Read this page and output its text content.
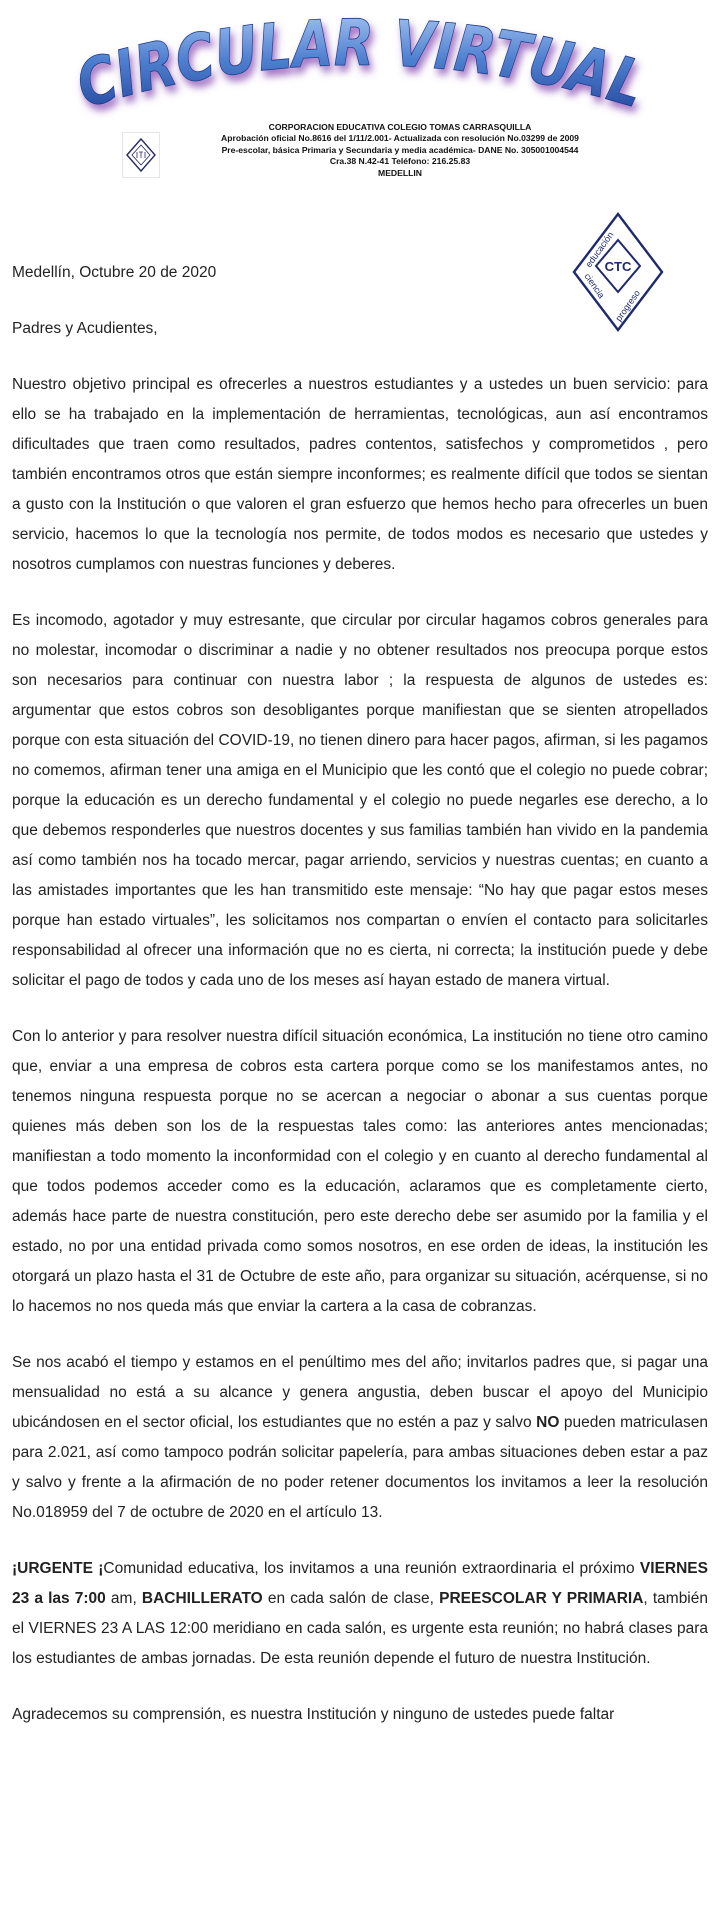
CIRCULAR VIRTUAL
CORPORACION EDUCATIVA COLEGIO TOMAS CARRASQUILLA
Aprobación oficial No.8616 del 1/11/2.001- Actualizada con resolución No.03299 de 2009
Pre-escolar, básica Primaria y Secundaria y media académica- DANE No. 305001004544
Cra.38 N.42-41 Teléfono: 216.25.83
MEDELLIN
CTC
educación
ciencia
progreso
Medellín, Octubre 20 de 2020
Padres y Acudientes,
Nuestro objetivo principal es ofrecerles a nuestros estudiantes y a ustedes un buen servicio: para ello se ha trabajado en la implementación de herramientas, tecnológicas, aun así encontramos dificultades que traen como resultados, padres contentos, satisfechos y comprometidos , pero también encontramos otros que están siempre inconformes; es realmente difícil que todos se sientan a gusto con la Institución o que valoren el gran esfuerzo que hemos hecho para ofrecerles un buen servicio, hacemos lo que la tecnología nos permite, de todos modos es necesario que ustedes y nosotros cumplamos con nuestras funciones y deberes.
Es incomodo, agotador y muy estresante, que circular por circular hagamos cobros generales para no molestar, incomodar o discriminar a nadie y no obtener resultados nos preocupa porque estos son necesarios para continuar con nuestra labor ; la respuesta de algunos de ustedes es: argumentar que estos cobros son desobligantes porque manifiestan que se sienten atropellados porque con esta situación del COVID-19, no tienen dinero para hacer pagos, afirman, si les pagamos no comemos, afirman tener una amiga en el Municipio que les contó que el colegio no puede cobrar; porque la educación es un derecho fundamental y el colegio no puede negarles ese derecho, a lo que debemos responderles que nuestros docentes y sus familias también han vivido en la pandemia así como también nos ha tocado mercar, pagar arriendo, servicios y nuestras cuentas; en cuanto a las amistades importantes que les han transmitido este mensaje: “No hay que pagar estos meses porque han estado virtuales”, les solicitamos nos compartan o envíen el contacto para solicitarles responsabilidad al ofrecer una información que no es cierta, ni correcta; la institución puede y debe solicitar el pago de todos y cada uno de los meses así hayan estado de manera virtual.
Con lo anterior y para resolver nuestra difícil situación económica, La institución no tiene otro camino que, enviar a una empresa de cobros esta cartera porque como se los manifestamos antes, no tenemos ninguna respuesta porque no se acercan a negociar o abonar a sus cuentas porque quienes más deben son los de la respuestas tales como: las anteriores antes mencionadas; manifiestan a todo momento la inconformidad con el colegio y en cuanto al derecho fundamental al que todos podemos acceder como es la educación, aclaramos que es completamente cierto, además hace parte de nuestra constitución, pero este derecho debe ser asumido por la familia y el estado, no por una entidad privada como somos nosotros, en ese orden de ideas, la institución les otorgará un plazo hasta el 31 de Octubre de este año, para organizar su situación, acérquense, si no lo hacemos no nos queda más que enviar la cartera a la casa de cobranzas.
Se nos acabó el tiempo y estamos en el penúltimo mes del año; invitarlos padres que, si pagar una mensualidad no está a su alcance y genera angustia, deben buscar el apoyo del Municipio ubicándosen en el sector oficial, los estudiantes que no estén a paz y salvo NO pueden matriculasen para 2.021, así como tampoco podrán solicitar papelería, para ambas situaciones deben estar a paz y salvo y frente a la afirmación de no poder retener documentos los invitamos a leer la resolución No.018959 del 7 de octubre de 2020 en el artículo 13.
¡URGENTE ¡Comunidad educativa, los invitamos a una reunión extraordinaria el próximo VIERNES 23 a las 7:00 am, BACHILLERATO en cada salón de clase, PREESCOLAR Y PRIMARIA, también el VIERNES 23 A LAS 12:00 meridiano en cada salón, es urgente esta reunión; no habrá clases para los estudiantes de ambas jornadas. De esta reunión depende el futuro de nuestra Institución.
Agradecemos su comprensión, es nuestra Institución y ninguno de ustedes puede faltar
